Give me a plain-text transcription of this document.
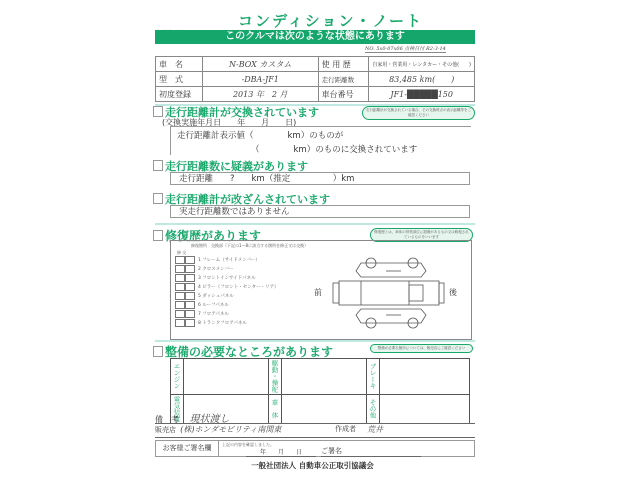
コンディション・ノート
このクルマは次のような状態にあります
NO. 5x0-07x06 点検日付 R2-3-14
車　名	N-BOX カスタム	使 用 歴	自家用・営業用・レンタカー・その他(　　)
型　式	-DBA-JF1	走行距離数	83,485 km(　　)
初度登録	2013 年　2 月	車台番号	JF1-█████150
走行距離計が交換されています	走行距離計が交換されている場合、その交換時点の表示距離等をご確認ください
(交換実施年月日　　年　　月　　日)
走行距離計表示値（　　　　km）のものが
（　　　　km）のものに交換されています
走行距離数に疑義があります
走行距離　　?　　km（推定　　　　　）km
走行距離計が改ざんされています
実走行距離数ではありません
修復歴があります	修復歴とは、車体の骨格部位に損傷があるもの又は修復されているものをいいます
修復箇所　交換部（下記の1〜8に該当する箇所を修正又は交換）
修 交
1 フレーム（サイドメンバー）
2 クロスメンバー
3 フロントインサイドパネル
4 ピラー（フロント・センター・リア）
5 ダッシュパネル
6 ルーフパネル
7 フロアパネル
8 トランクフロアパネル
前	後
整備の必要なところがあります	整備が必要な箇所については、販売店にご確認ください
エンジン		駆動・操舵		ブレーキ	
電気装置		車　体		その他	
備　考 現状渡し
販売店 (株)ホンダモビリティ南関東	作成者 荒井
お客様ご署名欄	上記の内容を確認しました。
年　　月　　日	ご署名
一般社団法人 自動車公正取引協議会
